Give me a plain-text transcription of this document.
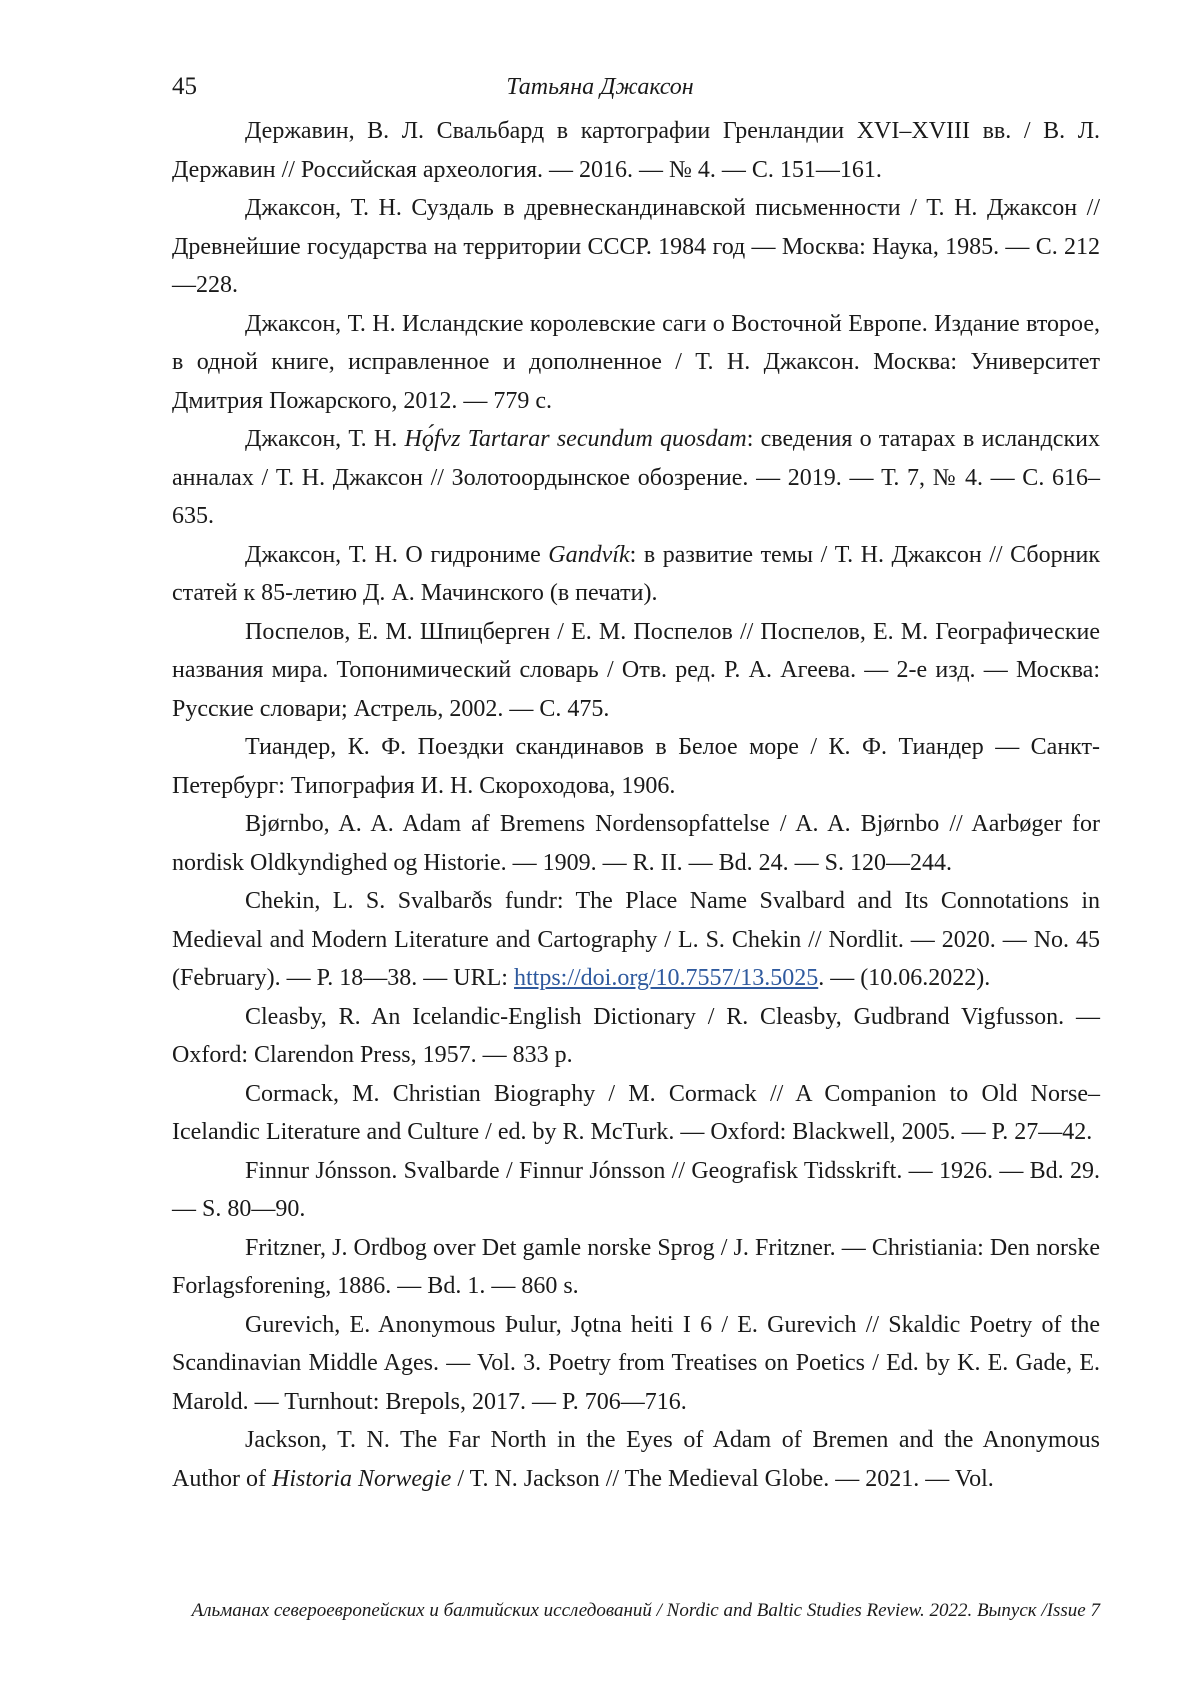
45	Татьяна Джаксон

Державин, В. Л. Свальбард в картографии Гренландии XVI–XVIII вв. / В. Л. Державин // Российская археология. — 2016. — № 4. — С. 151—161.

Джаксон, Т. Н. Суздаль в древнескандинавской письменности / Т. Н. Джаксон // Древнейшие государства на территории СССР. 1984 год — Москва: Наука, 1985. — С. 212—228.

Джаксон, Т. Н. Исландские королевские саги о Восточной Европе. Издание второе, в одной книге, исправленное и дополненное / Т. Н. Джаксон. Москва: Университет Дмитрия Пожарского, 2012. — 779 с.

Джаксон, Т. Н. Hǫ́fvz Tartarar secundum quosdam: сведения о татарах в исландских анналах / Т. Н. Джаксон // Золотоордынское обозрение. — 2019. — Т. 7, № 4. — С. 616–635.

Джаксон, Т. Н. О гидрониме Gandvík: в развитие темы / Т. Н. Джаксон // Сборник статей к 85-летию Д. А. Мачинского (в печати).

Поспелов, Е. М. Шпицберген / Е. М. Поспелов // Поспелов, Е. М. Географические названия мира. Топонимический словарь / Отв. ред. Р. А. Агеева. — 2-е изд. — Москва: Русские словари; Астрель, 2002. — С. 475.

Тиандер, К. Ф. Поездки скандинавов в Белое море / К. Ф. Тиандер — Санкт-Петербург: Типография И. Н. Скороходова, 1906.

Bjørnbo, A. A. Adam af Bremens Nordensopfattelse / A. A. Bjørnbo // Aarbøger for nordisk Oldkyndighed og Historie. — 1909. — R. II. — Bd. 24. — S. 120—244.

Chekin, L. S. Svalbarðs fundr: The Place Name Svalbard and Its Connotations in Medieval and Modern Literature and Cartography / L. S. Chekin // Nordlit. — 2020. — No. 45 (February). — P. 18—38. — URL: https://doi.org/10.7557/13.5025. — (10.06.2022).

Cleasby, R. An Icelandic-English Dictionary / R. Cleasby, Gudbrand Vigfusson. — Oxford: Clarendon Press, 1957. — 833 p.

Cormack, M. Christian Biography / M. Cormack // A Companion to Old Norse–Icelandic Literature and Culture / ed. by R. McTurk. — Oxford: Blackwell, 2005. — P. 27—42.

Finnur Jónsson. Svalbarde / Finnur Jónsson // Geografisk Tidsskrift. — 1926. — Bd. 29. — S. 80—90.

Fritzner, J. Ordbog over Det gamle norske Sprog / J. Fritzner. — Christiania: Den norske Forlagsforening, 1886. — Bd. 1. — 860 s.

Gurevich, E. Anonymous Þulur, Jǫtna heiti I 6 / E. Gurevich // Skaldic Poetry of the Scandinavian Middle Ages. — Vol. 3. Poetry from Treatises on Poetics / Ed. by K. E. Gade, E. Marold. — Turnhout: Brepols, 2017. — P. 706—716.

Jackson, T. N. The Far North in the Eyes of Adam of Bremen and the Anonymous Author of Historia Norwegie / T. N. Jackson // The Medieval Globe. — 2021. — Vol.

Альманах североевропейских и балтийских исследований / Nordic and Baltic Studies Review. 2022. Выпуск /Issue 7
